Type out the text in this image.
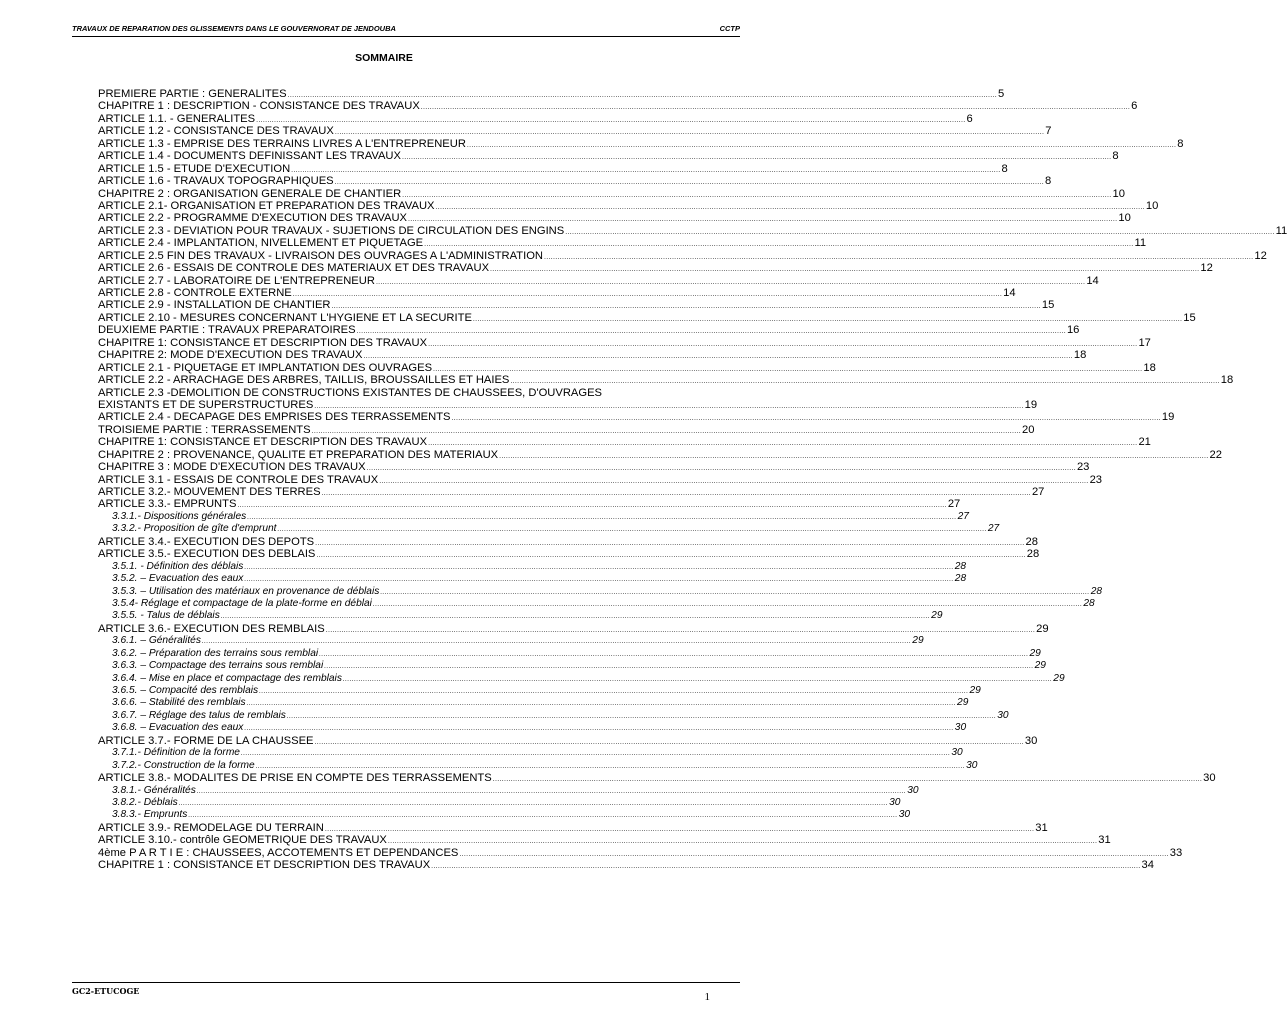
TRAVAUX DE REPARATION DES GLISSEMENTS DANS LE GOUVERNORAT DE JENDOUBA	CCTP
SOMMAIRE
PREMIERE PARTIE : GENERALITES .....	5
CHAPITRE 1 : DESCRIPTION - CONSISTANCE DES TRAVAUX .....	6
ARTICLE 1.1. - GENERALITES .....	6
ARTICLE 1.2 - CONSISTANCE DES TRAVAUX .....	7
ARTICLE 1.3 - EMPRISE DES TERRAINS LIVRES A L'ENTREPRENEUR .....	8
ARTICLE 1.4 - DOCUMENTS DEFINISSANT LES TRAVAUX .....	8
ARTICLE 1.5 - ETUDE D'EXECUTION .....	8
ARTICLE 1.6 - TRAVAUX TOPOGRAPHIQUES .....	8
CHAPITRE 2 : ORGANISATION GENERALE DE CHANTIER .....	10
ARTICLE 2.1- ORGANISATION ET PREPARATION DES TRAVAUX .....	10
ARTICLE 2.2 - PROGRAMME D'EXECUTION DES TRAVAUX .....	10
ARTICLE 2.3 - DEVIATION POUR TRAVAUX - SUJETIONS DE CIRCULATION DES ENGINS .....	11
ARTICLE 2.4 - IMPLANTATION, NIVELLEMENT ET PIQUETAGE .....	11
ARTICLE 2.5 FIN DES TRAVAUX - LIVRAISON DES OUVRAGES A L'ADMINISTRATION .....	12
ARTICLE 2.6 - ESSAIS DE CONTROLE DES MATERIAUX ET DES TRAVAUX .....	12
ARTICLE 2.7 - LABORATOIRE DE L'ENTREPRENEUR .....	14
ARTICLE 2.8 - CONTROLE EXTERNE .....	14
ARTICLE 2.9 - INSTALLATION DE CHANTIER .....	15
ARTICLE 2.10 - MESURES CONCERNANT L'HYGIENE ET LA SECURITE .....	15
DEUXIEME PARTIE : TRAVAUX PREPARATOIRES .....	16
CHAPITRE 1: CONSISTANCE ET DESCRIPTION DES TRAVAUX .....	17
CHAPITRE 2: MODE D'EXECUTION DES TRAVAUX .....	18
ARTICLE 2.1 - PIQUETAGE ET IMPLANTATION DES OUVRAGES .....	18
ARTICLE 2.2 - ARRACHAGE DES ARBRES, TAILLIS, BROUSSAILLES ET HAIES .....	18
ARTICLE 2.3 -DEMOLITION DE CONSTRUCTIONS EXISTANTES DE CHAUSSEES, D'OUVRAGES
EXISTANTS ET DE SUPERSTRUCTURES .....	19
ARTICLE 2.4 - DECAPAGE DES EMPRISES DES TERRASSEMENTS .....	19
TROISIEME PARTIE : TERRASSEMENTS .....	20
CHAPITRE 1: CONSISTANCE ET DESCRIPTION DES TRAVAUX .....	21
CHAPITRE 2 : PROVENANCE, QUALITE ET PREPARATION DES MATERIAUX .....	22
CHAPITRE 3 : MODE D'EXECUTION DES TRAVAUX .....	23
ARTICLE 3.1 - ESSAIS DE CONTROLE DES TRAVAUX .....	23
ARTICLE 3.2.- MOUVEMENT DES TERRES .....	27
ARTICLE 3.3.- EMPRUNTS .....	27
3.3.1.- Dispositions générales .....	27
3.3.2.- Proposition de gîte d'emprunt .....	27
ARTICLE 3.4.- EXECUTION DES DEPOTS .....	28
ARTICLE 3.5.- EXECUTION DES DEBLAIS .....	28
3.5.1. - Définition des déblais .....	28
3.5.2. – Evacuation des eaux .....	28
3.5.3. – Utilisation des matériaux en provenance de déblais .....	28
3.5.4- Réglage et compactage de la plate-forme en déblai .....	28
3.5.5. - Talus de déblais .....	29
ARTICLE 3.6.- EXECUTION DES REMBLAIS .....	29
3.6.1. – Généralités .....	29
3.6.2. – Préparation des terrains sous remblai .....	29
3.6.3. – Compactage des terrains sous remblai .....	29
3.6.4. – Mise en place et compactage des remblais .....	29
3.6.5. – Compacité des remblais .....	29
3.6.6. – Stabilité des remblais .....	29
3.6.7. – Réglage des talus de remblais .....	30
3.6.8. – Evacuation des eaux .....	30
ARTICLE 3.7.- FORME DE LA CHAUSSEE .....	30
3.7.1.- Définition de la forme .....	30
3.7.2.- Construction de la forme .....	30
ARTICLE 3.8.- MODALITES DE PRISE EN COMPTE DES TERRASSEMENTS .....	30
3.8.1.- Généralités .....	30
3.8.2.- Déblais .....	30
3.8.3.- Emprunts .....	30
ARTICLE 3.9.- REMODELAGE DU TERRAIN .....	31
ARTICLE 3.10.- contrôle GEOMETRIQUE DES TRAVAUX .....	31
4ème P A R T I E : CHAUSSEES, ACCOTEMENTS ET DEPENDANCES .....	33
CHAPITRE 1 : CONSISTANCE ET DESCRIPTION DES TRAVAUX .....	34
GC2-ETUCOGE	1
